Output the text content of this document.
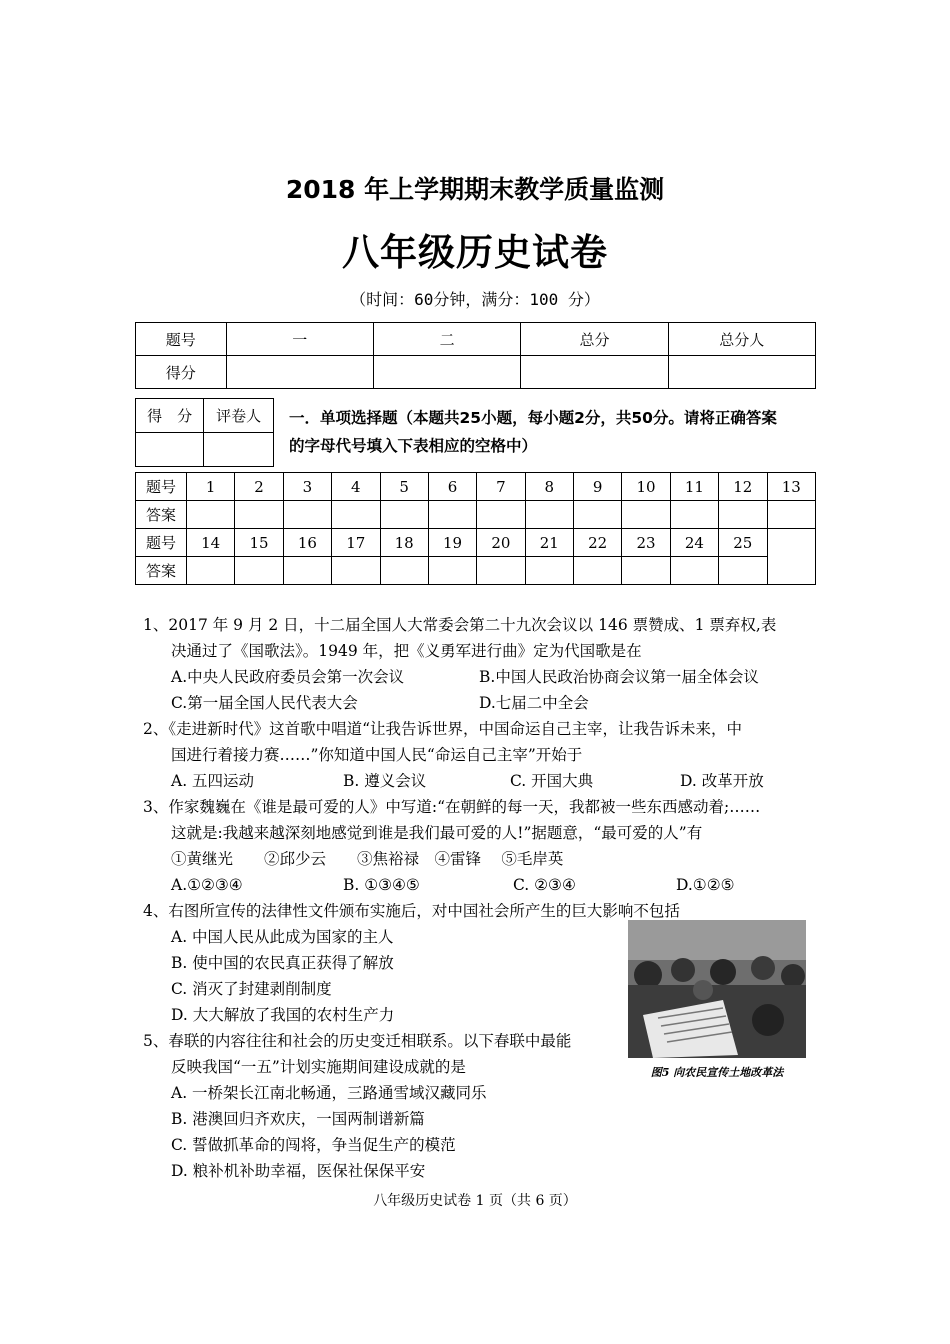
2018 年上学期期末教学质量监测
八年级历史试卷
（时间：60分钟，满分：100 分）
题号	一	二	总分	总分人
得分				
得　分	评卷人
	一．单项选择题（本题共25小题，每小题2分，共50分。请将正确答案
的字母代号填入下表相应的空格中）
题号	1	2	3	4	5	6	7	8	9	10	11	12	13
答案													
题号	14	15	16	17	18	19	20	21	22	23	24	25	
答案													
1、2017 年 9 月 2 日，十二届全国人大常委会第二十九次会议以 146 票赞成、1 票弃权,表
决通过了《国歌法》。1949 年，把《义勇军进行曲》定为代国歌是在
A.中央人民政府委员会第一次会议	B.中国人民政治协商会议第一届全体会议
C.第一届全国人民代表大会	D.七届二中全会
2、《走进新时代》这首歌中唱道“让我告诉世界，中国命运自己主宰，让我告诉未来，中
国进行着接力赛……”你知道中国人民“命运自己主宰”开始于
A. 五四运动	B. 遵义会议	C. 开国大典	D. 改革开放
3、作家魏巍在《谁是最可爱的人》中写道:“在朝鲜的每一天，我都被一些东西感动着;……
这就是:我越来越深刻地感觉到谁是我们最可爱的人!”据题意，“最可爱的人”有
①黄继光　　②邱少云　　③焦裕禄　④雷锋　 ⑤毛岸英
A.①②③④	B. ①③④⑤	C. ②③④	D.①②⑤
4、右图所宣传的法律性文件颁布实施后，对中国社会所产生的巨大影响不包括
A. 中国人民从此成为国家的主人
B. 使中国的农民真正获得了解放
C. 消灭了封建剥削制度
D. 大大解放了我国的农村生产力
5、春联的内容往往和社会的历史变迁相联系。以下春联中最能
反映我国“一五”计划实施期间建设成就的是
A. 一桥架长江南北畅通，三路通雪域汉藏同乐
B. 港澳回归齐欢庆，一国两制谱新篇
C. 誓做抓革命的闯将，争当促生产的模范
D. 粮补机补助幸福，医保社保保平安
图5 向农民宣传土地改革法
八年级历史试卷 1 页（共 6 页）
